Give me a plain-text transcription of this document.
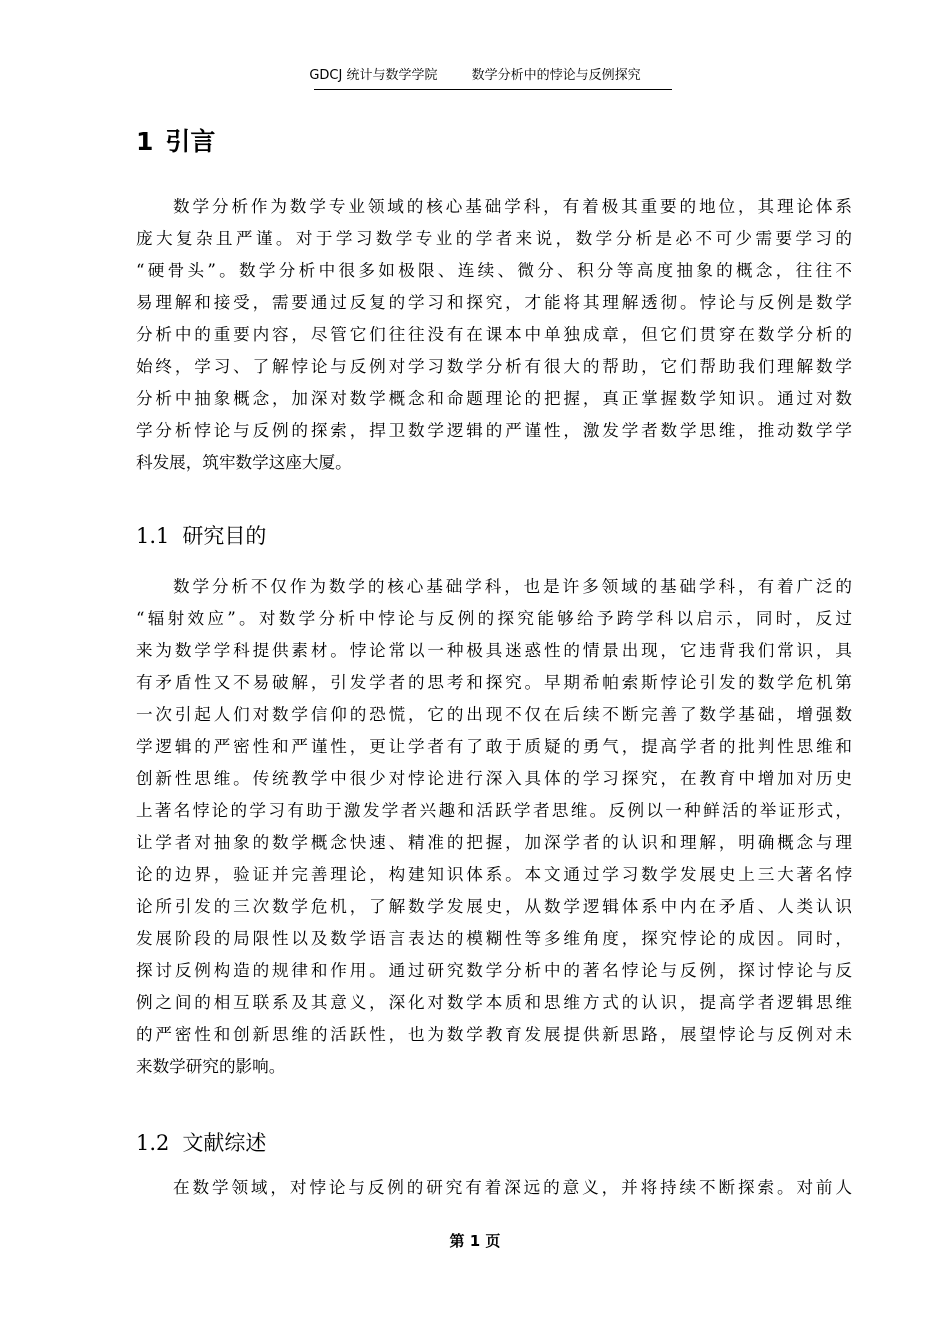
GDCJ 统计与数学学院	数学分析中的悖论与反例探究
1 引言
数学分析作为数学专业领域的核心基础学科，有着极其重要的地位，其理论体系
庞大复杂且严谨。对于学习数学专业的学者来说，数学分析是必不可少需要学习的
“硬骨头”。数学分析中很多如极限、连续、微分、积分等高度抽象的概念，往往不
易理解和接受，需要通过反复的学习和探究，才能将其理解透彻。悖论与反例是数学
分析中的重要内容，尽管它们往往没有在课本中单独成章，但它们贯穿在数学分析的
始终，学习、了解悖论与反例对学习数学分析有很大的帮助，它们帮助我们理解数学
分析中抽象概念，加深对数学概念和命题理论的把握，真正掌握数学知识。通过对数
学分析悖论与反例的探索，捍卫数学逻辑的严谨性，激发学者数学思维，推动数学学
科发展，筑牢数学这座大厦。
1.1 研究目的
数学分析不仅作为数学的核心基础学科，也是许多领域的基础学科，有着广泛的
“辐射效应”。对数学分析中悖论与反例的探究能够给予跨学科以启示，同时，反过
来为数学学科提供素材。悖论常以一种极具迷惑性的情景出现，它违背我们常识，具
有矛盾性又不易破解，引发学者的思考和探究。早期希帕索斯悖论引发的数学危机第
一次引起人们对数学信仰的恐慌，它的出现不仅在后续不断完善了数学基础，增强数
学逻辑的严密性和严谨性，更让学者有了敢于质疑的勇气，提高学者的批判性思维和
创新性思维。传统教学中很少对悖论进行深入具体的学习探究，在教育中增加对历史
上著名悖论的学习有助于激发学者兴趣和活跃学者思维。反例以一种鲜活的举证形式，
让学者对抽象的数学概念快速、精准的把握，加深学者的认识和理解，明确概念与理
论的边界，验证并完善理论，构建知识体系。本文通过学习数学发展史上三大著名悖
论所引发的三次数学危机，了解数学发展史，从数学逻辑体系中内在矛盾、人类认识
发展阶段的局限性以及数学语言表达的模糊性等多维角度，探究悖论的成因。同时，
探讨反例构造的规律和作用。通过研究数学分析中的著名悖论与反例，探讨悖论与反
例之间的相互联系及其意义，深化对数学本质和思维方式的认识，提高学者逻辑思维
的严密性和创新思维的活跃性，也为数学教育发展提供新思路，展望悖论与反例对未
来数学研究的影响。
1.2 文献综述
在数学领域，对悖论与反例的研究有着深远的意义，并将持续不断探索。对前人
第 1 页
